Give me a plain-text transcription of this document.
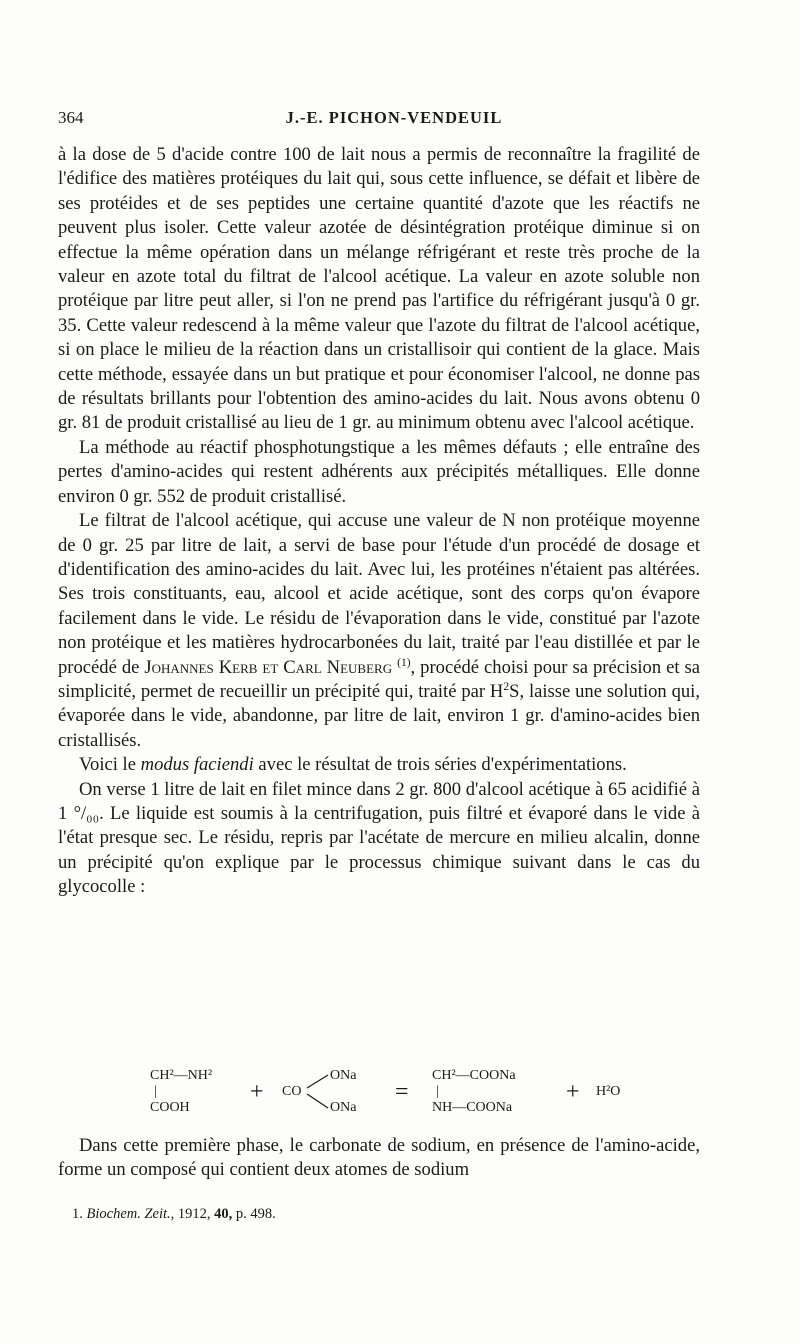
364	J.-E. PICHON-VENDEUIL

à la dose de 5 d'acide contre 100 de lait nous a permis de reconnaître la fragilité de l'édifice des matières protéiques du lait qui, sous cette influence, se défait et libère de ses protéides et de ses peptides une certaine quantité d'azote que les réactifs ne peuvent plus isoler. Cette valeur azotée de désintégration protéique diminue si on effectue la même opération dans un mélange réfrigérant et reste très proche de la valeur en azote total du filtrat de l'alcool acétique. La valeur en azote soluble non protéique par litre peut aller, si l'on ne prend pas l'artifice du réfrigérant jusqu'à 0 gr. 35. Cette valeur redescend à la même valeur que l'azote du filtrat de l'alcool acétique, si on place le milieu de la réaction dans un cristallisoir qui contient de la glace. Mais cette méthode, essayée dans un but pratique et pour économiser l'alcool, ne donne pas de résultats brillants pour l'obtention des amino-acides du lait. Nous avons obtenu 0 gr. 81 de produit cristallisé au lieu de 1 gr. au minimum obtenu avec l'alcool acétique.

La méthode au réactif phosphotungstique a les mêmes défauts ; elle entraîne des pertes d'amino-acides qui restent adhérents aux précipités métalliques. Elle donne environ 0 gr. 552 de produit cristallisé.

Le filtrat de l'alcool acétique, qui accuse une valeur de N non protéique moyenne de 0 gr. 25 par litre de lait, a servi de base pour l'étude d'un procédé de dosage et d'identification des amino-acides du lait. Avec lui, les protéines n'étaient pas altérées. Ses trois constituants, eau, alcool et acide acétique, sont des corps qu'on évapore facilement dans le vide. Le résidu de l'évaporation dans le vide, constitué par l'azote non protéique et les matières hydrocarbonées du lait, traité par l'eau distillée et par le procédé de Johannes Kerb et Carl Neuberg $^{(1)}$, procédé choisi pour sa précision et sa simplicité, permet de recueillir un précipité qui, traité par $H^2S$, laisse une solution qui, évaporée dans le vide, abandonne, par litre de lait, environ 1 gr. d'amino-acides bien cristallisés.

Voici le modus faciendi avec le résultat de trois séries d'expérimentations.

On verse 1 litre de lait en filet mince dans 2 gr. 800 d'alcool acétique à 65 acidifié à 1 °/₀₀. Le liquide est soumis à la centrifugation, puis filtré et évaporé dans le vide à l'état presque sec. Le résidu, repris par l'acétate de mercure en milieu alcalin, donne un précipité qu'on explique par le processus chimique suivant dans le cas du glycocolle :

CH²—NH²
|
COOH
+ CO
ONa
ONa
=
CH²—COONa
|
NH—COONa
+ H²O

Dans cette première phase, le carbonate de sodium, en présence de l'amino-acide, forme un composé qui contient deux atomes de sodium

1. Biochem. Zeit., 1912, 40, p. 498.
